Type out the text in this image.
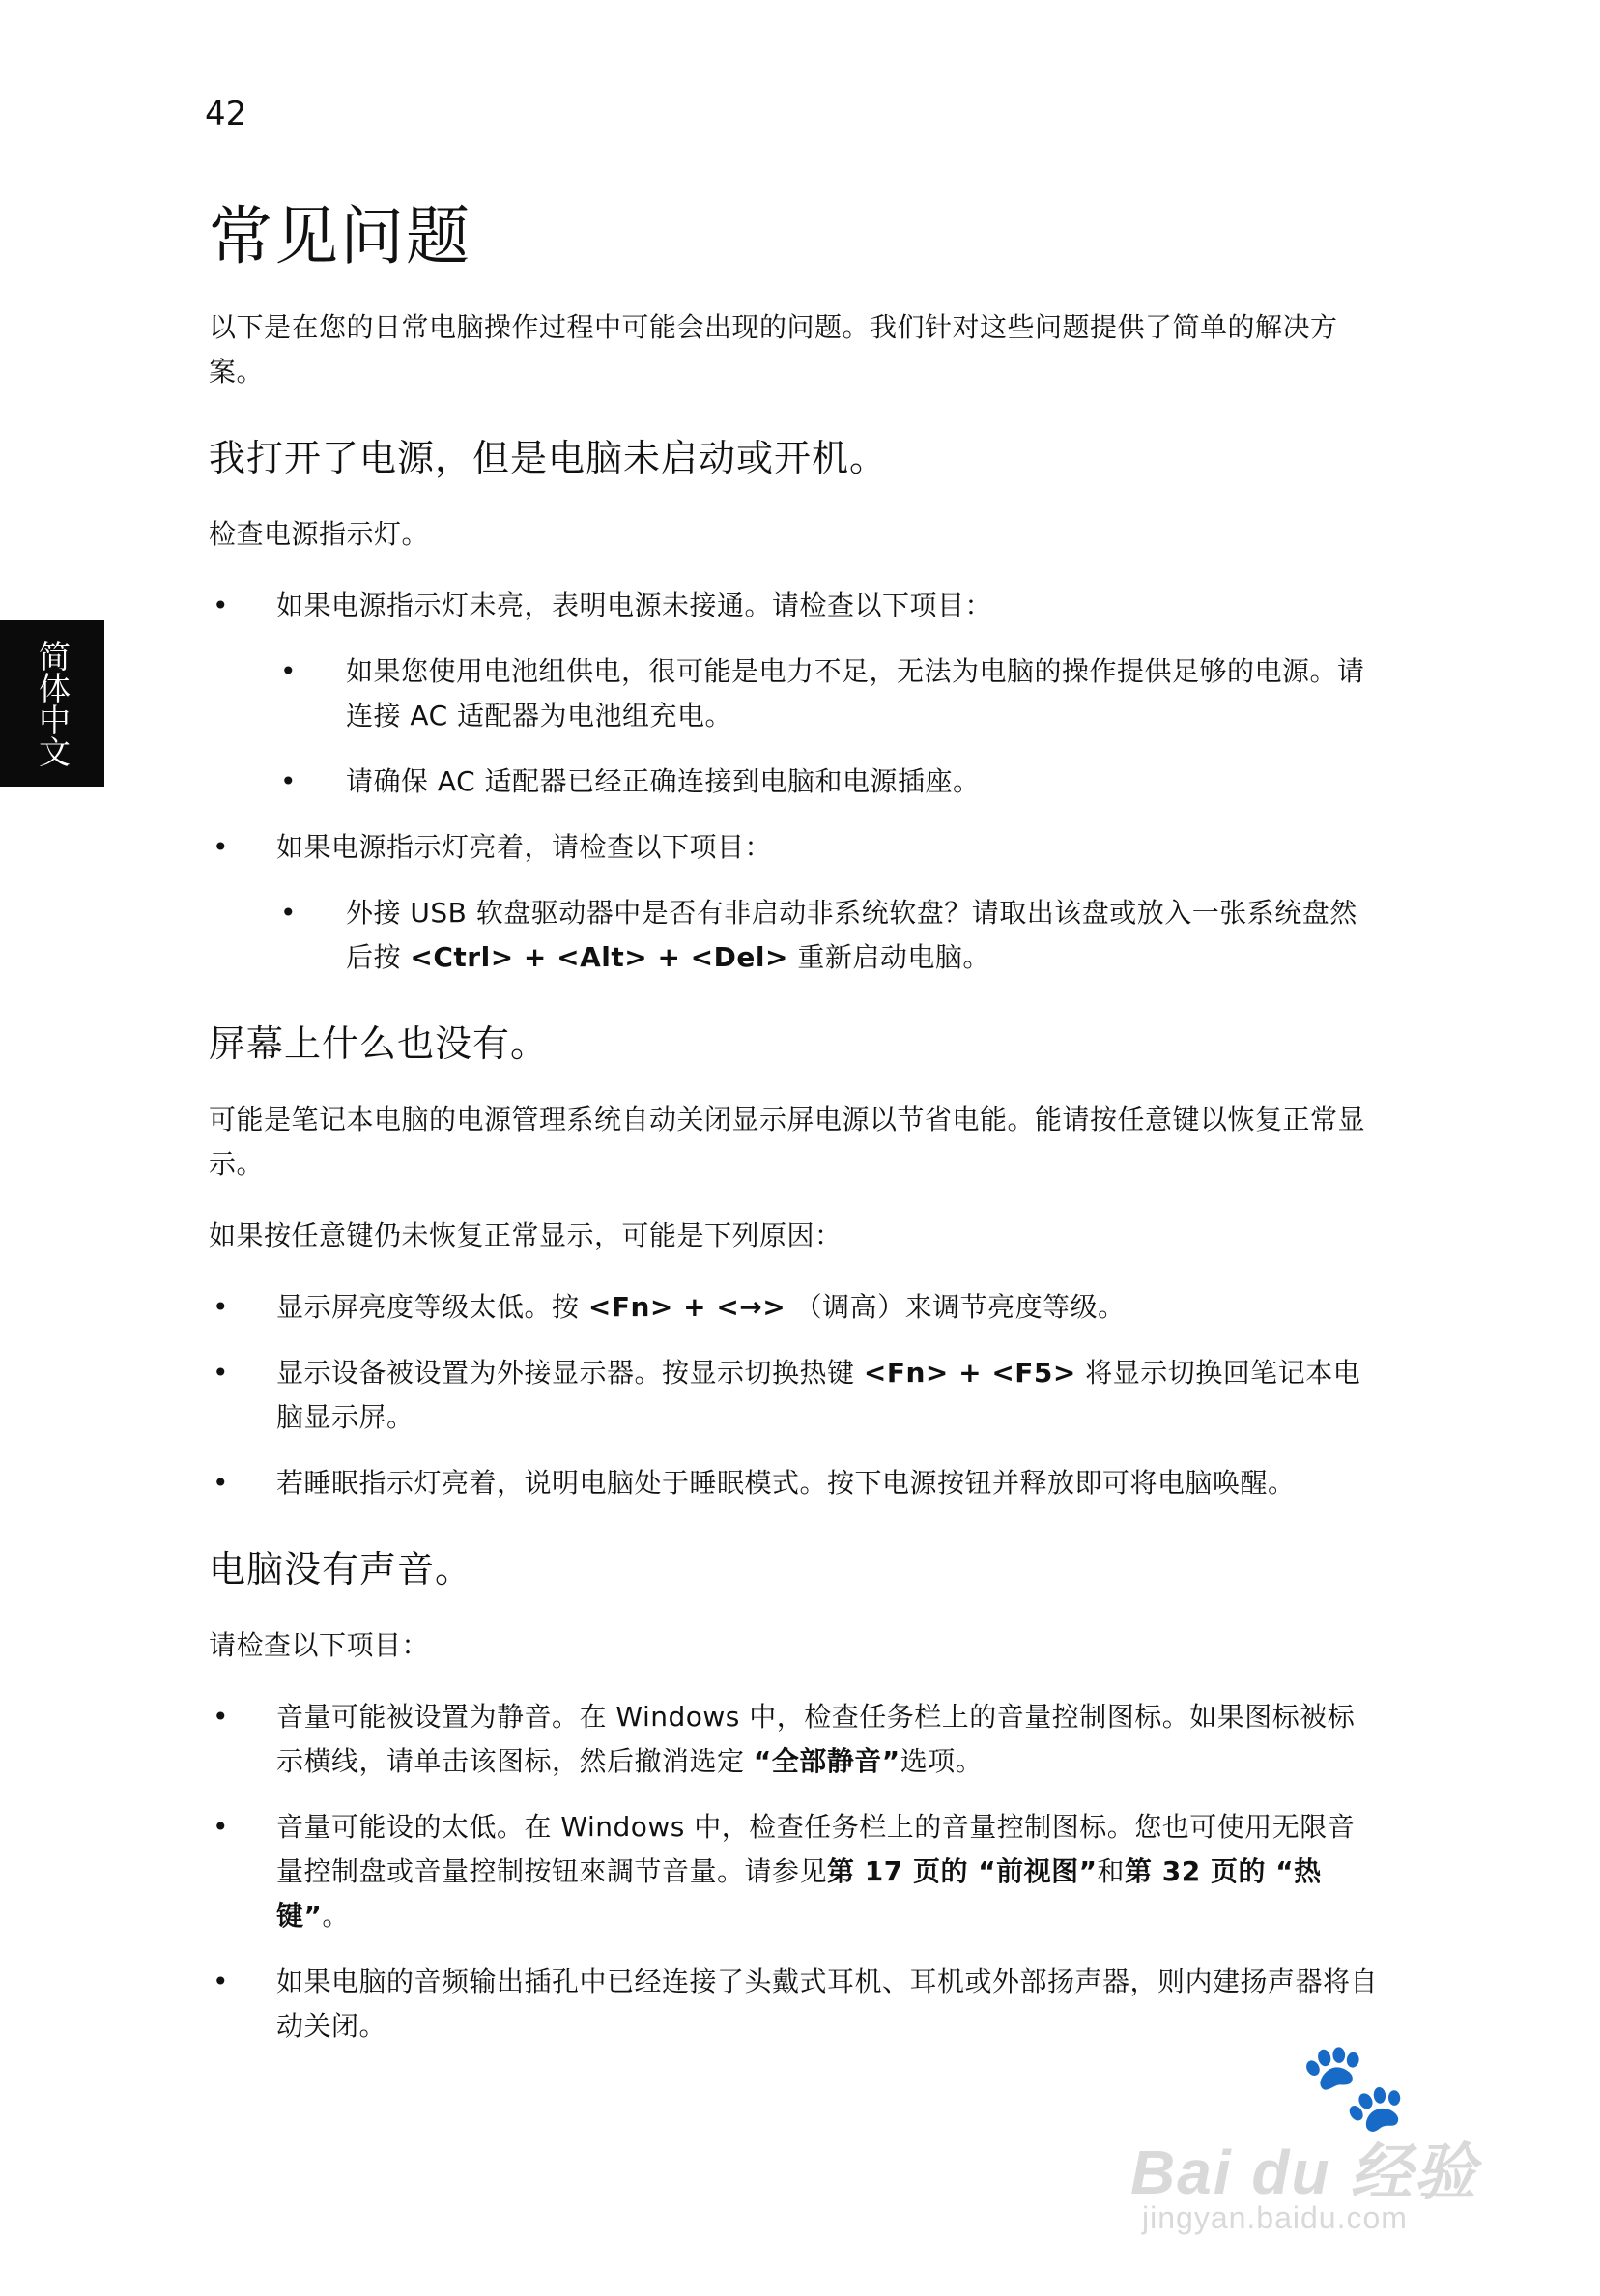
42
简体中文
常见问题

以下是在您的日常电脑操作过程中可能会出现的问题。我们针对这些问题提供了简单的解决方案。

我打开了电源，但是电脑未启动或开机。

检查电源指示灯。

• 如果电源指示灯未亮，表明电源未接通。请检查以下项目：
• 如果您使用电池组供电，很可能是电力不足，无法为电脑的操作提供足够的电源。请连接 AC 适配器为电池组充电。
• 请确保 AC 适配器已经正确连接到电脑和电源插座。
• 如果电源指示灯亮着，请检查以下项目：
• 外接 USB 软盘驱动器中是否有非启动非系统软盘？请取出该盘或放入一张系统盘然后按 <Ctrl> + <Alt> + <Del> 重新启动电脑。
屏幕上什么也没有。

可能是笔记本电脑的电源管理系统自动关闭显示屏电源以节省电能。能请按任意键以恢复正常显示。

如果按任意键仍未恢复正常显示，可能是下列原因：

• 显示屏亮度等级太低。按 <Fn> + <→> （调高）来调节亮度等级。
• 显示设备被设置为外接显示器。按显示切换热键 <Fn> + <F5> 将显示切换回笔记本电脑显示屏。
• 若睡眠指示灯亮着，说明电脑处于睡眠模式。按下电源按钮并释放即可将电脑唤醒。
电脑没有声音。

请检查以下项目：

• 音量可能被设置为静音。在 Windows 中，检查任务栏上的音量控制图标。如果图标被标示横线，请单击该图标，然后撤消选定 “全部静音”选项。
• 音量可能设的太低。在 Windows 中，检查任务栏上的音量控制图标。您也可使用无限音量控制盘或音量控制按钮來調节音量。请参见第 17 页的 “前视图”和第 32 页的 “热键”。
• 如果电脑的音频输出插孔中已经连接了头戴式耳机、耳机或外部扬声器，则内建扬声器将自动关闭。
🐾
Bai du 经验
jingyan.baidu.com
